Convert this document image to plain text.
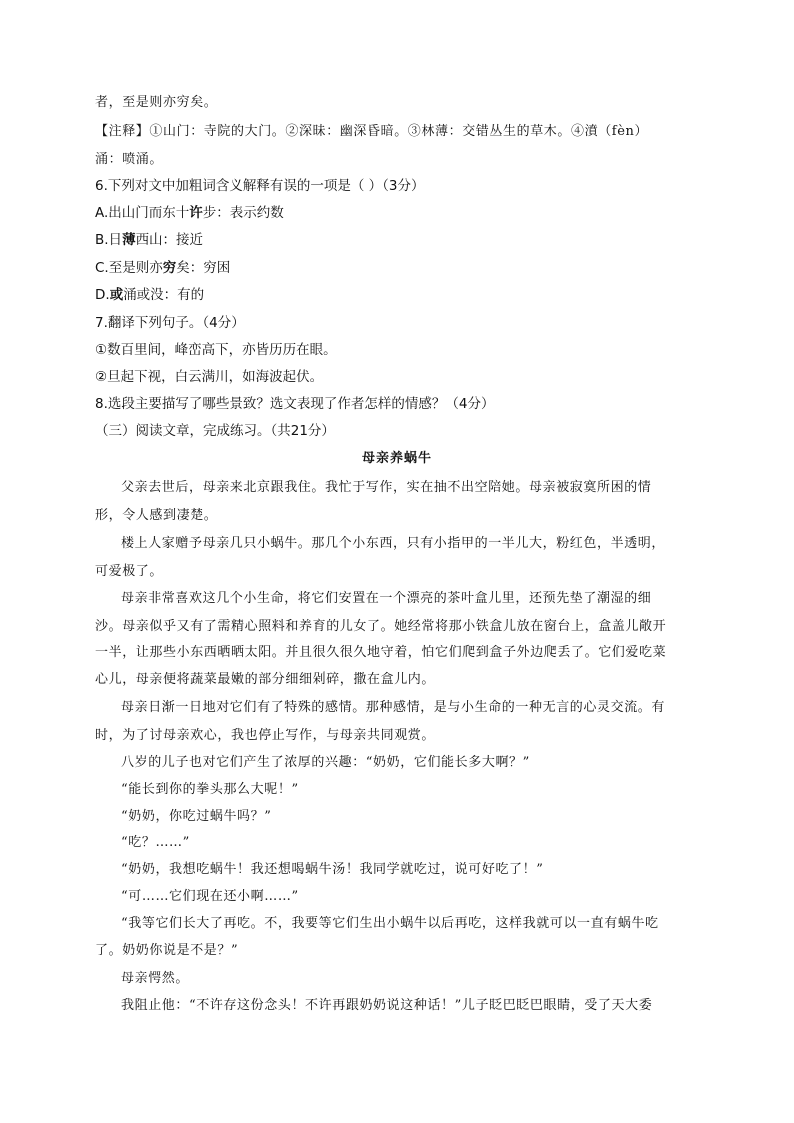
者，至是则亦穷矣。
【注释】①山门：寺院的大门。②深昧：幽深昏暗。③林薄：交错丛生的草木。④濆（fèn）
涌：喷涌。
6.下列对文中加粗词含义解释有误的一项是（ ）（3分）
A.出山门而东十许步：表示约数
B.日薄西山：接近
C.至是则亦穷矣：穷困
D.或涌或没：有的
7.翻译下列句子。（4分）
①数百里间，峰峦高下，亦皆历历在眼。
②旦起下视，白云满川，如海波起伏。
8.选段主要描写了哪些景致？选文表现了作者怎样的情感？（4分）
（三）阅读文章，完成练习。（共21分）
母亲养蜗牛
父亲去世后，母亲来北京跟我住。我忙于写作，实在抽不出空陪她。母亲被寂寞所困的情
形，令人感到凄楚。
楼上人家赠予母亲几只小蜗牛。那几个小东西，只有小指甲的一半儿大，粉红色，半透明，
可爱极了。
母亲非常喜欢这几个小生命，将它们安置在一个漂亮的茶叶盒儿里，还预先垫了潮湿的细
沙。母亲似乎又有了需精心照料和养育的儿女了。她经常将那小铁盒儿放在窗台上，盒盖儿敞开
一半，让那些小东西晒晒太阳。并且很久很久地守着，怕它们爬到盒子外边爬丢了。它们爱吃菜
心儿，母亲便将蔬菜最嫩的部分细细剁碎，撒在盒儿内。
母亲日渐一日地对它们有了特殊的感情。那种感情，是与小生命的一种无言的心灵交流。有
时，为了讨母亲欢心，我也停止写作，与母亲共同观赏。
八岁的儿子也对它们产生了浓厚的兴趣：“奶奶，它们能长多大啊？”
“能长到你的拳头那么大呢！”
“奶奶，你吃过蜗牛吗？”
“吃？……”
“奶奶，我想吃蜗牛！我还想喝蜗牛汤！我同学就吃过，说可好吃了！”
“可……它们现在还小啊……”
“我等它们长大了再吃。不，我要等它们生出小蜗牛以后再吃，这样我就可以一直有蜗牛吃
了。奶奶你说是不是？”
母亲愕然。
我阻止他：“不许存这份念头！不许再跟奶奶说这种话！”儿子眨巴眨巴眼睛，受了天大委
